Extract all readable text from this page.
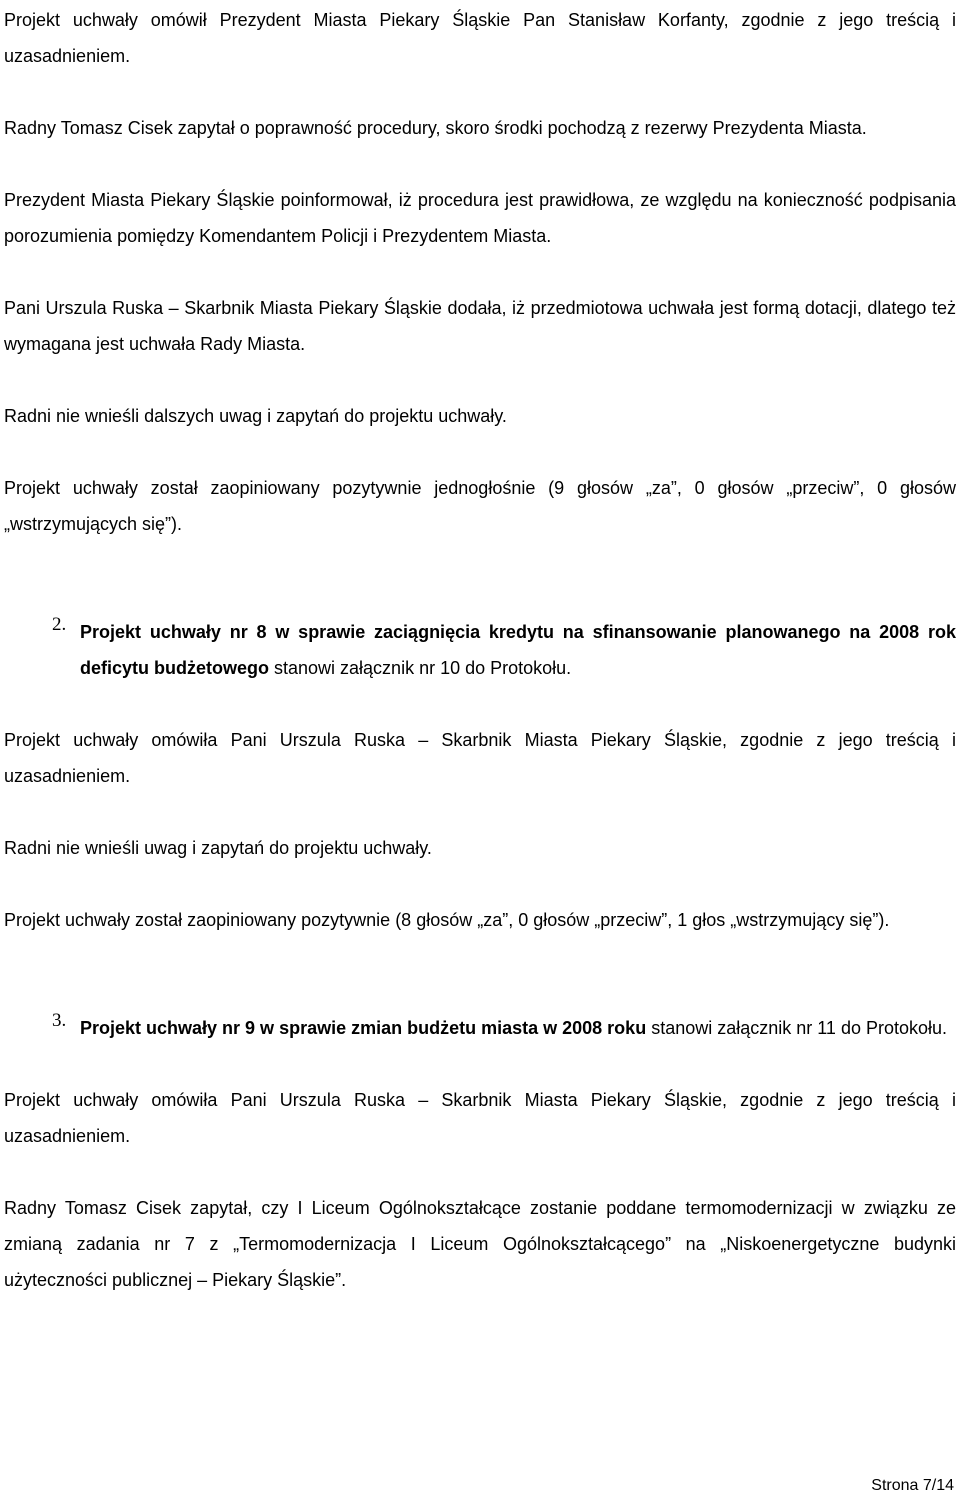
Projekt uchwały omówił Prezydent Miasta Piekary Śląskie Pan Stanisław Korfanty, zgodnie z jego treścią i uzasadnieniem.

Radny Tomasz Cisek zapytał o poprawność procedury, skoro środki pochodzą z rezerwy Prezydenta Miasta.

Prezydent Miasta Piekary Śląskie poinformował, iż procedura jest prawidłowa, ze względu na konieczność podpisania porozumienia pomiędzy Komendantem Policji i Prezydentem Miasta.

Pani Urszula Ruska – Skarbnik Miasta Piekary Śląskie dodała, iż przedmiotowa uchwała jest formą dotacji, dlatego też wymagana jest uchwała Rady Miasta.

Radni nie wnieśli dalszych uwag i zapytań do projektu uchwały.

Projekt uchwały został zaopiniowany pozytywnie jednogłośnie (9 głosów „za”, 0 głosów „przeciw”, 0 głosów „wstrzymujących się”).

2. Projekt uchwały nr 8 w sprawie zaciągnięcia kredytu na sfinansowanie planowanego na 2008 rok deficytu budżetowego stanowi załącznik nr 10 do Protokołu.

Projekt uchwały omówiła Pani Urszula Ruska – Skarbnik Miasta Piekary Śląskie, zgodnie z jego treścią i uzasadnieniem.

Radni nie wnieśli uwag i zapytań do projektu uchwały.

Projekt uchwały został zaopiniowany pozytywnie (8 głosów „za”, 0 głosów „przeciw”, 1 głos „wstrzymujący się”).

3. Projekt uchwały nr 9 w sprawie zmian budżetu miasta w 2008 roku stanowi załącznik nr 11 do Protokołu.

Projekt uchwały omówiła Pani Urszula Ruska – Skarbnik Miasta Piekary Śląskie, zgodnie z jego treścią i uzasadnieniem.

Radny Tomasz Cisek zapytał, czy I Liceum Ogólnokształcące zostanie poddane termomodernizacji w związku ze zmianą zadania nr 7 z „Termomodernizacja I Liceum Ogólnokształcącego” na „Niskoenergetyczne budynki użyteczności publicznej – Piekary Śląskie”.

Strona 7/14
